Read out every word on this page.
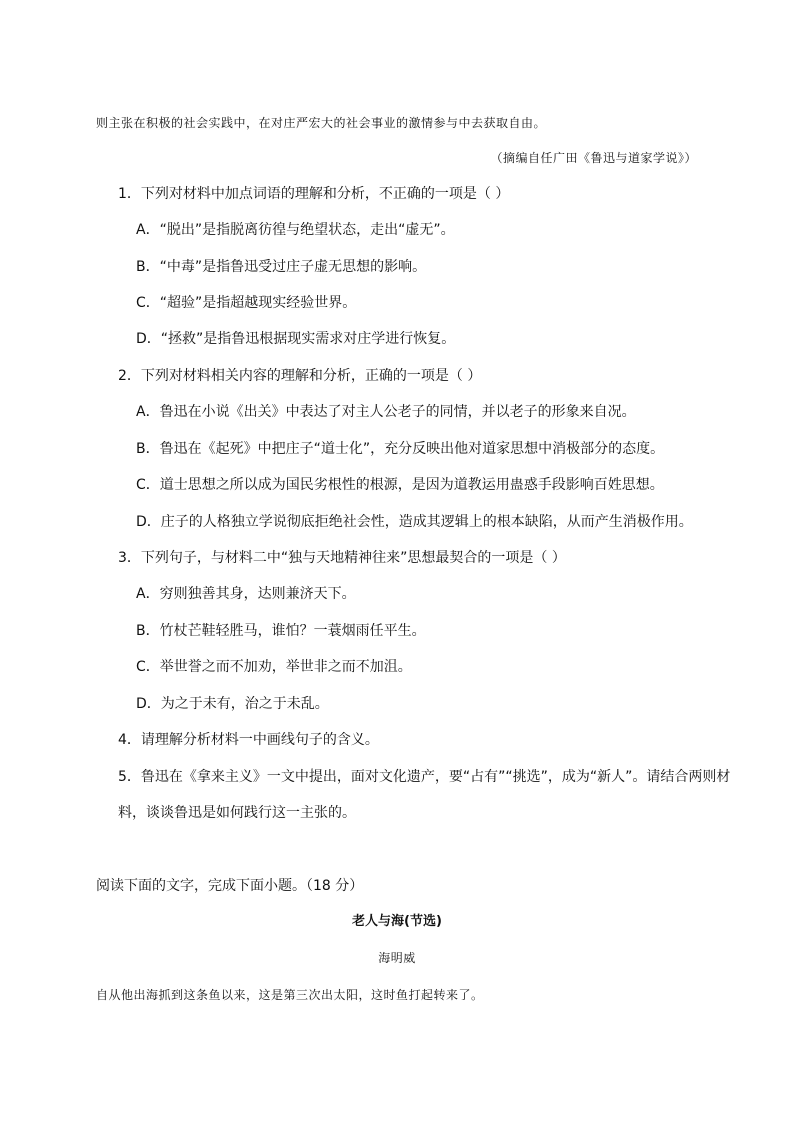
则主张在积极的社会实践中，在对庄严宏大的社会事业的激情参与中去获取自由。
（摘编自任广田《鲁迅与道家学说》）
1．下列对材料中加点词语的理解和分析，不正确的一项是（ ）
A．“脱出”是指脱离彷徨与绝望状态，走出“虚无”。
B．“中毒”是指鲁迅受过庄子虚无思想的影响。
C．“超验”是指超越现实经验世界。
D．“拯救”是指鲁迅根据现实需求对庄学进行恢复。
2．下列对材料相关内容的理解和分析，正确的一项是（ ）
A．鲁迅在小说《出关》中表达了对主人公老子的同情，并以老子的形象来自况。
B．鲁迅在《起死》中把庄子“道士化”，充分反映出他对道家思想中消极部分的态度。
C．道士思想之所以成为国民劣根性的根源，是因为道教运用蛊惑手段影响百姓思想。
D．庄子的人格独立学说彻底拒绝社会性，造成其逻辑上的根本缺陷，从而产生消极作用。
3．下列句子，与材料二中“独与天地精神往来”思想最契合的一项是（ ）
A．穷则独善其身，达则兼济天下。
B．竹杖芒鞋轻胜马，谁怕？一蓑烟雨任平生。
C．举世誉之而不加劝，举世非之而不加沮。
D．为之于未有，治之于未乱。
4．请理解分析材料一中画线句子的含义。
5．鲁迅在《拿来主义》一文中提出，面对文化遗产，要“占有”“挑选”，成为“新人”。请结合两则材
料，谈谈鲁迅是如何践行这一主张的。
阅读下面的文字，完成下面小题。（18 分）
老人与海(节选)
海明威
自从他出海抓到这条鱼以来，这是第三次出太阳，这时鱼打起转来了。
